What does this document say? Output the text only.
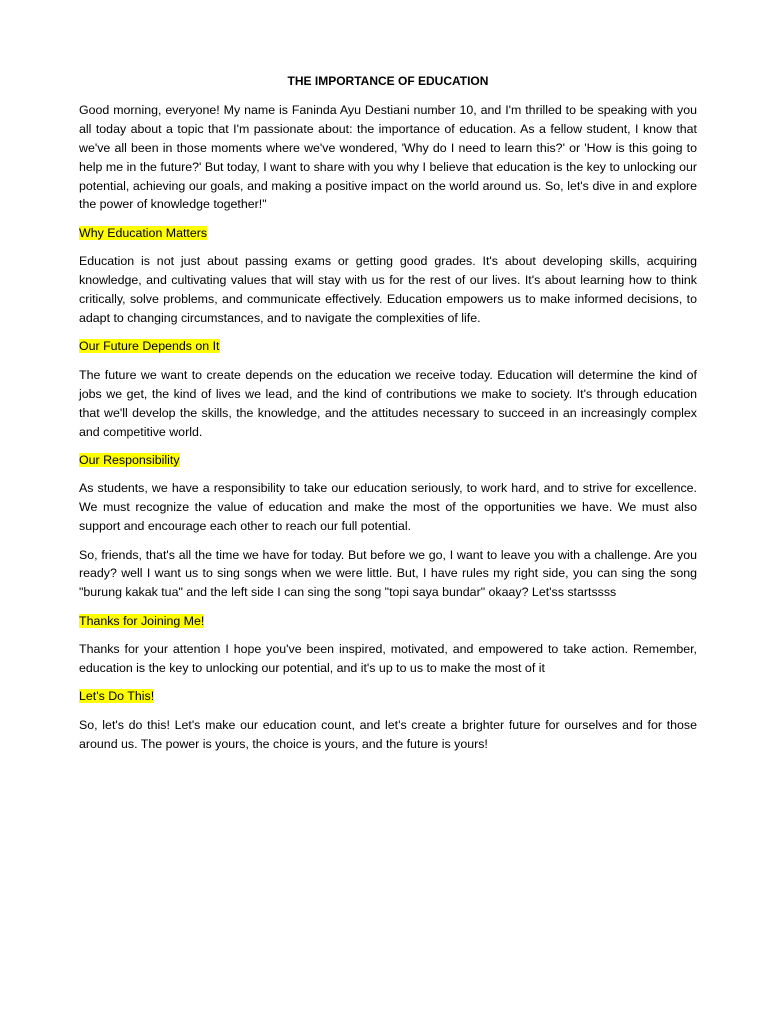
THE IMPORTANCE OF EDUCATION
Good morning, everyone! My name is Faninda Ayu Destiani number 10, and I'm thrilled to be speaking with you all today about a topic that I'm passionate about: the importance of education. As a fellow student, I know that we've all been in those moments where we've wondered, 'Why do I need to learn this?' or 'How is this going to help me in the future?' But today, I want to share with you why I believe that education is the key to unlocking our potential, achieving our goals, and making a positive impact on the world around us. So, let's dive in and explore the power of knowledge together!"
Why Education Matters
Education is not just about passing exams or getting good grades. It's about developing skills, acquiring knowledge, and cultivating values that will stay with us for the rest of our lives. It's about learning how to think critically, solve problems, and communicate effectively. Education empowers us to make informed decisions, to adapt to changing circumstances, and to navigate the complexities of life.
Our Future Depends on It
The future we want to create depends on the education we receive today. Education will determine the kind of jobs we get, the kind of lives we lead, and the kind of contributions we make to society. It's through education that we'll develop the skills, the knowledge, and the attitudes necessary to succeed in an increasingly complex and competitive world.
Our Responsibility
As students, we have a responsibility to take our education seriously, to work hard, and to strive for excellence. We must recognize the value of education and make the most of the opportunities we have. We must also support and encourage each other to reach our full potential.
So, friends, that's all the time we have for today. But before we go, I want to leave you with a challenge. Are you ready? well I want us to sing songs when we were little. But, I have rules my right side, you can sing the song "burung kakak tua" and the left side I can sing the song "topi saya bundar" okaay? Let'ss startssss
Thanks for Joining Me!
Thanks for your attention I hope you've been inspired, motivated, and empowered to take action. Remember, education is the key to unlocking our potential, and it's up to us to make the most of it
Let's Do This!
So, let's do this! Let's make our education count, and let's create a brighter future for ourselves and for those around us. The power is yours, the choice is yours, and the future is yours!
